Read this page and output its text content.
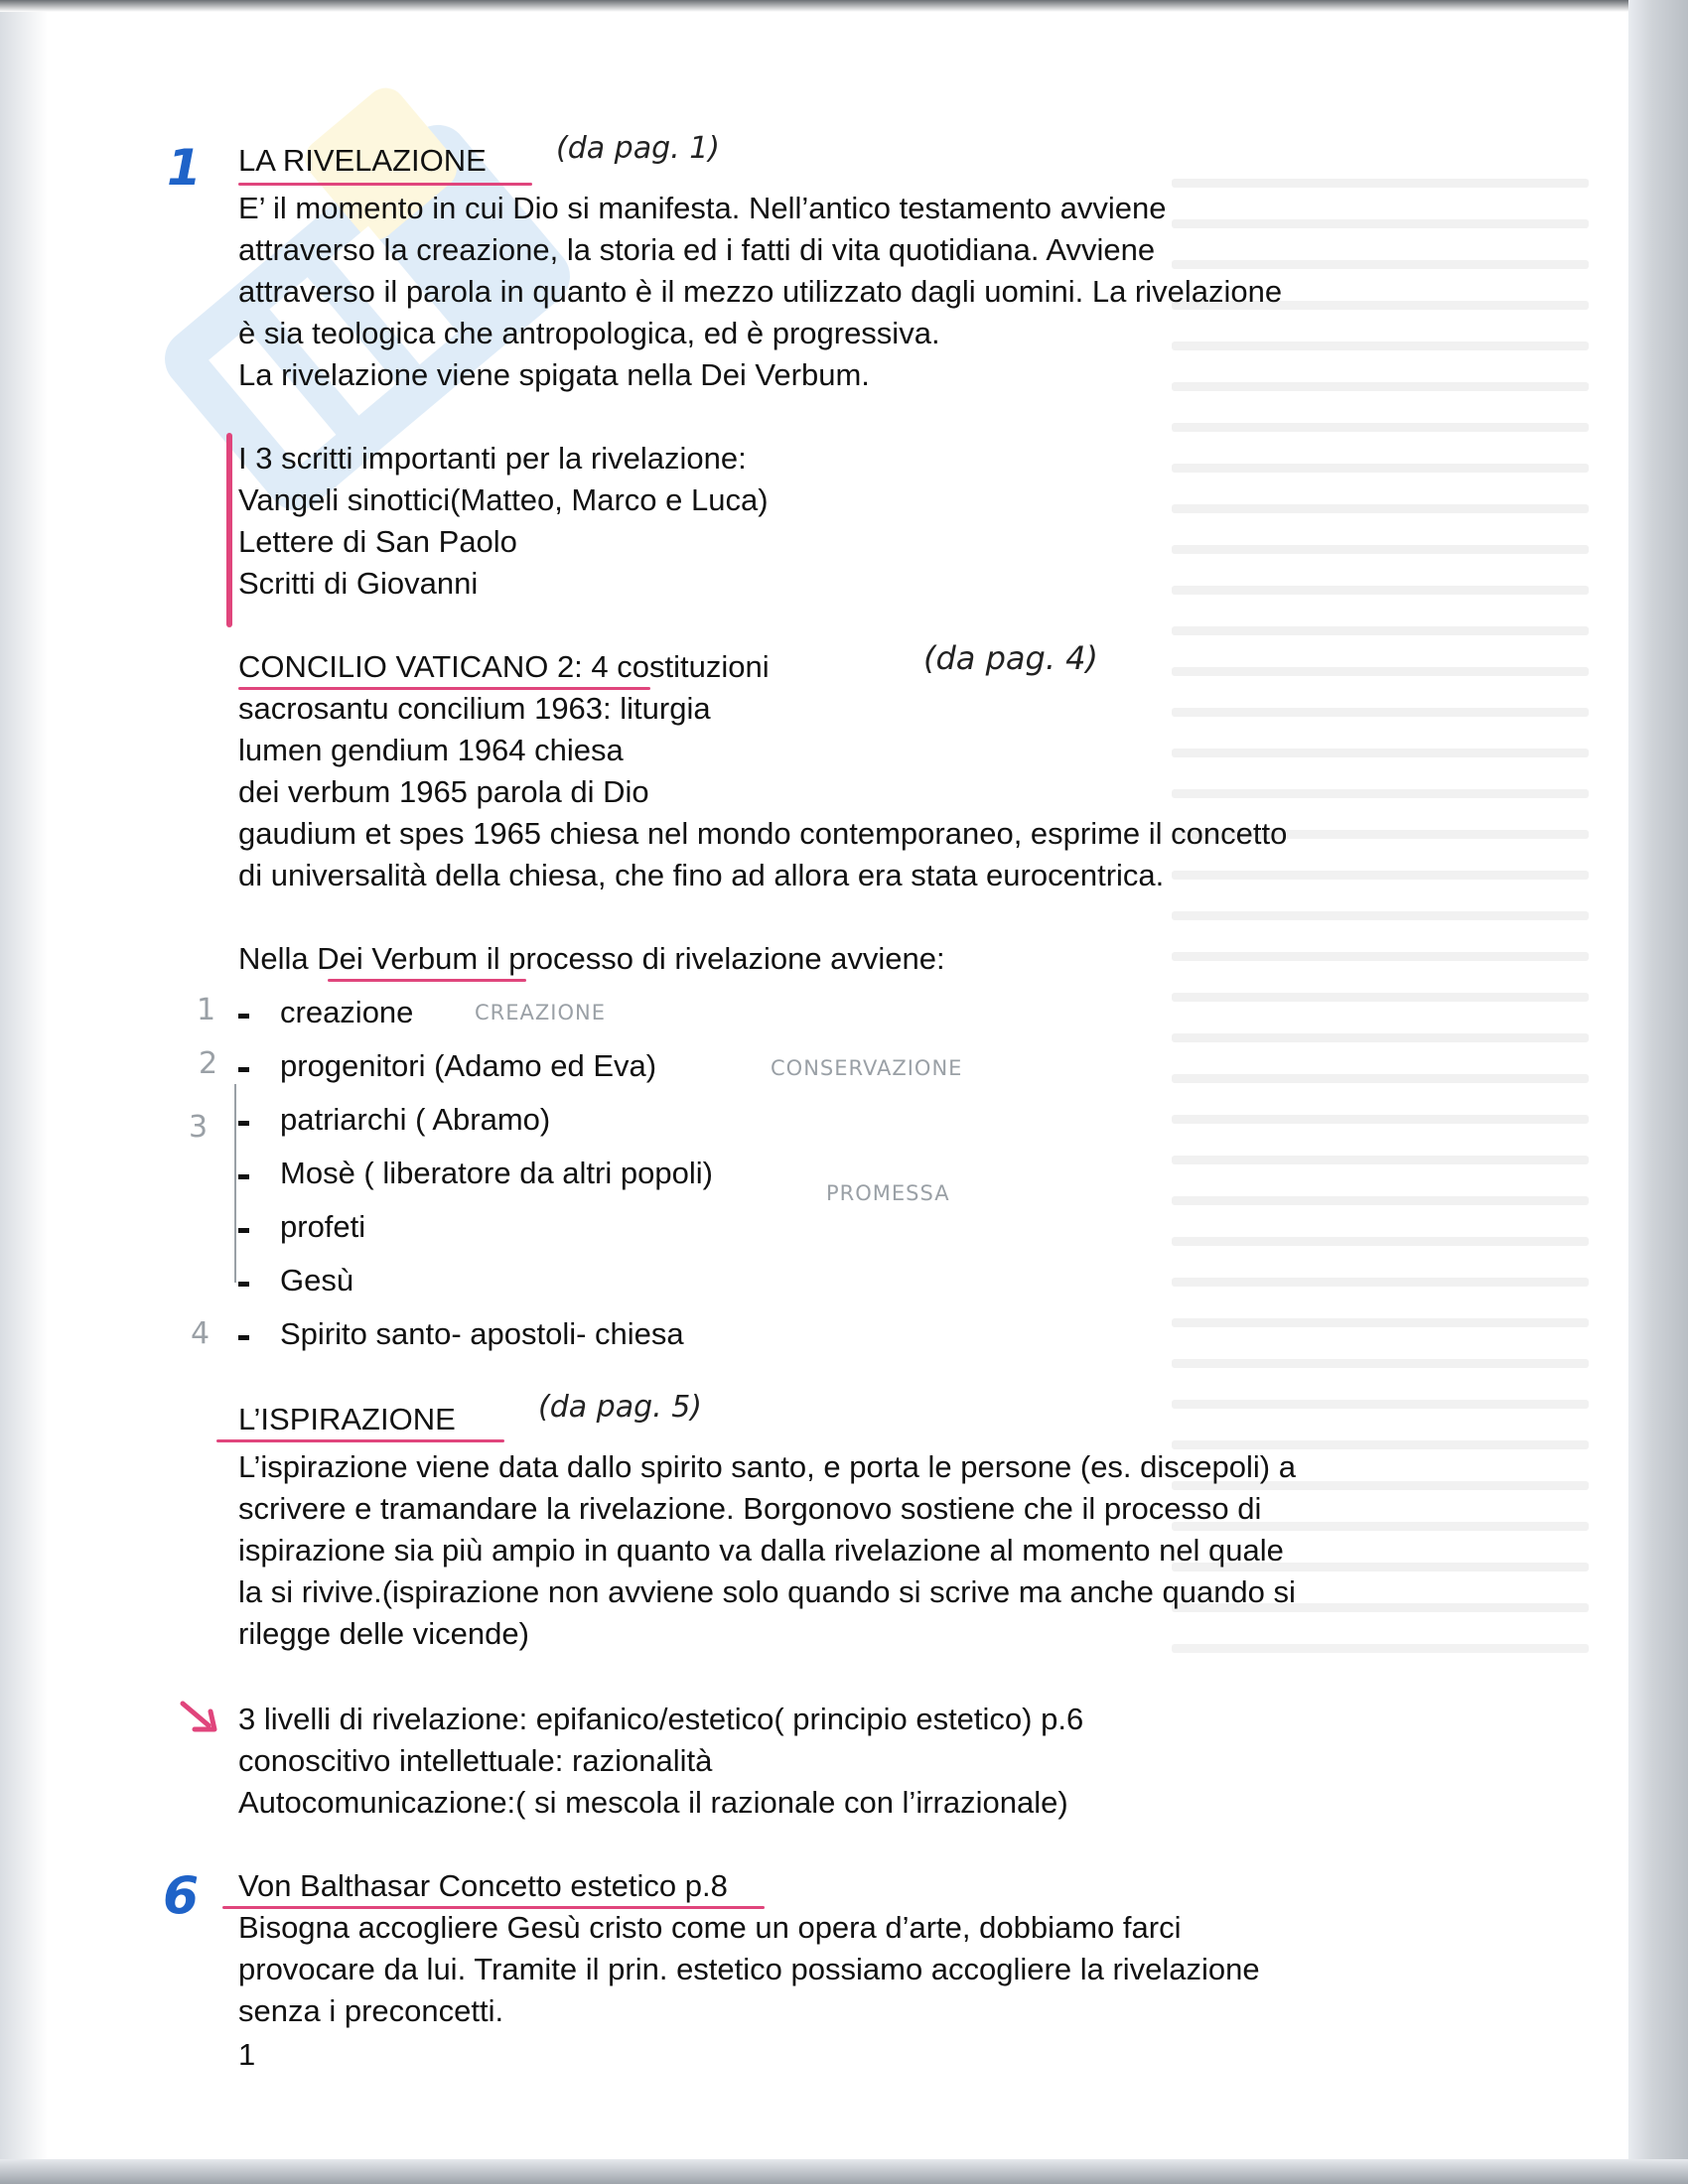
1 LA RIVELAZIONE (da pag. 1)

E’ il momento in cui Dio si manifesta. Nell’antico testamento avviene

attraverso la creazione, la storia ed i fatti di vita quotidiana. Avviene

attraverso il parola in quanto è il mezzo utilizzato dagli uomini. La rivelazione

è sia teologica che antropologica, ed è progressiva.

La rivelazione viene spigata nella Dei Verbum.

I 3 scritti importanti per la rivelazione:

Vangeli sinottici(Matteo, Marco e Luca)

Lettere di San Paolo

Scritti di Giovanni

CONCILIO VATICANO 2: 4 costituzioni	(da pag. 4)

sacrosantu concilium 1963: liturgia

lumen gendium 1964 chiesa

dei verbum 1965 parola di Dio

gaudium et spes 1965 chiesa nel mondo contemporaneo, esprime il concetto

di universalità della chiesa, che fino ad allora era stata eurocentrica.

Nella Dei Verbum il processo di rivelazione avviene:

creazione

progenitori (Adamo ed Eva)

patriarchi ( Abramo)

Mosè ( liberatore da altri popoli)

profeti

Gesù

Spirito santo- apostoli- chiesa

1
2
3
4
CREAZIONE
CONSERVAZIONE
PROMESSA

L’ISPIRAZIONE	(da pag. 5)

L’ispirazione viene data dallo spirito santo, e porta le persone (es. discepoli) a

scrivere e tramandare la rivelazione. Borgonovo sostiene che il processo di

ispirazione sia più ampio in quanto va dalla rivelazione al momento nel quale

la si rivive.(ispirazione non avviene solo quando si scrive ma anche quando si

rilegge delle vicende)

3 livelli di rivelazione: epifanico/estetico( principio estetico) p.6

conoscitivo intellettuale: razionalità

Autocomunicazione:( si mescola il razionale con l’irrazionale)

6 Von Balthasar Concetto estetico p.8

Bisogna accogliere Gesù cristo come un opera d’arte, dobbiamo farci

provocare da lui. Tramite il prin. estetico possiamo accogliere la rivelazione

senza i preconcetti.

1
